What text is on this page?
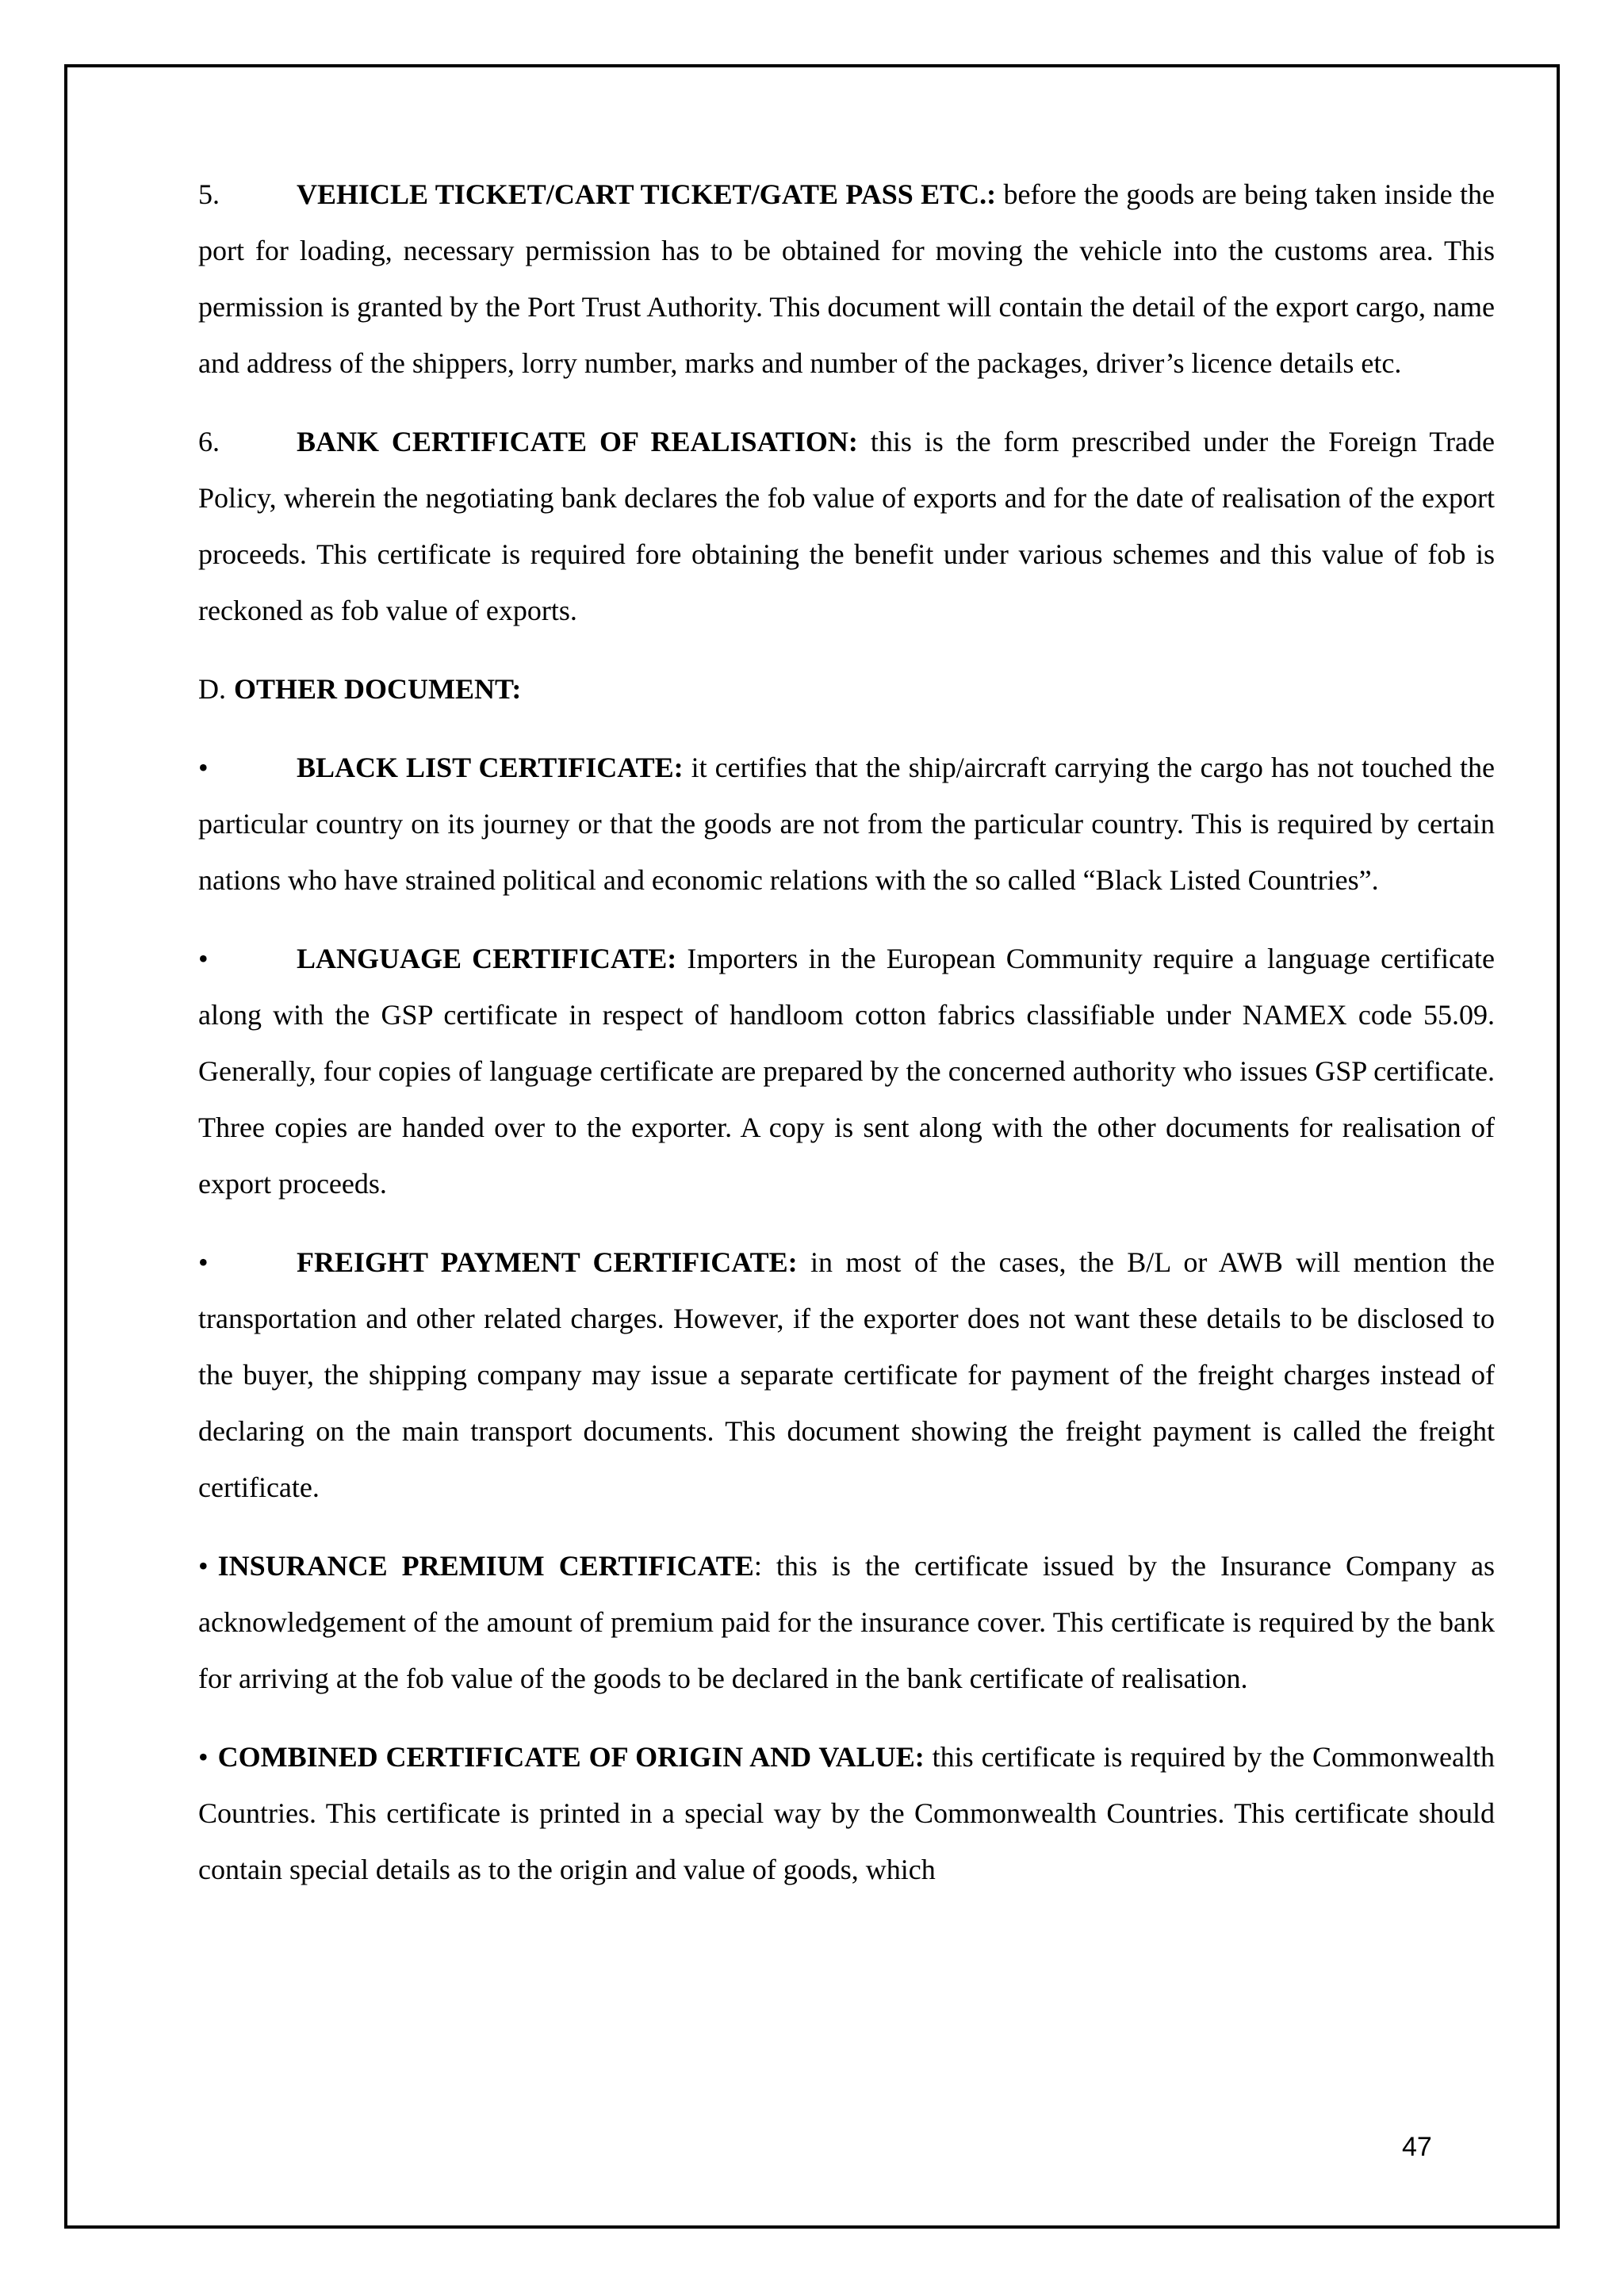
5.	VEHICLE TICKET/CART TICKET/GATE PASS ETC.: before the goods are being taken inside the port for loading, necessary permission has to be obtained for moving the vehicle into the customs area. This permission is granted by the Port Trust Authority. This document will contain the detail of the export cargo, name and address of the shippers, lorry number, marks and number of the packages, driver’s licence details etc.

6.	BANK CERTIFICATE OF REALISATION: this is the form prescribed under the Foreign Trade Policy, wherein the negotiating bank declares the fob value of exports and for the date of realisation of the export proceeds. This certificate is required fore obtaining the benefit under various schemes and this value of fob is reckoned as fob value of exports.

D. OTHER DOCUMENT:

•	BLACK LIST CERTIFICATE: it certifies that the ship/aircraft carrying the cargo has not touched the particular country on its journey or that the goods are not from the particular country. This is required by certain nations who have strained political and economic relations with the so called “Black Listed Countries”.

•	LANGUAGE CERTIFICATE: Importers in the European Community require a language certificate along with the GSP certificate in respect of handloom cotton fabrics classifiable under NAMEX code 55.09. Generally, four copies of language certificate are prepared by the concerned authority who issues GSP certificate. Three copies are handed over to the exporter. A copy is sent along with the other documents for realisation of export proceeds.

•	FREIGHT PAYMENT CERTIFICATE: in most of the cases, the B/L or AWB will mention the transportation and other related charges. However, if the exporter does not want these details to be disclosed to the buyer, the shipping company may issue a separate certificate for payment of the freight charges instead of declaring on the main transport documents. This document showing the freight payment is called the freight certificate.

• INSURANCE PREMIUM CERTIFICATE: this is the certificate issued by the Insurance Company as acknowledgement of the amount of premium paid for the insurance cover. This certificate is required by the bank for arriving at the fob value of the goods to be declared in the bank certificate of realisation.

• COMBINED CERTIFICATE OF ORIGIN AND VALUE: this certificate is required by the Commonwealth Countries. This certificate is printed in a special way by the Commonwealth Countries. This certificate should contain special details as to the origin and value of goods, which

47
